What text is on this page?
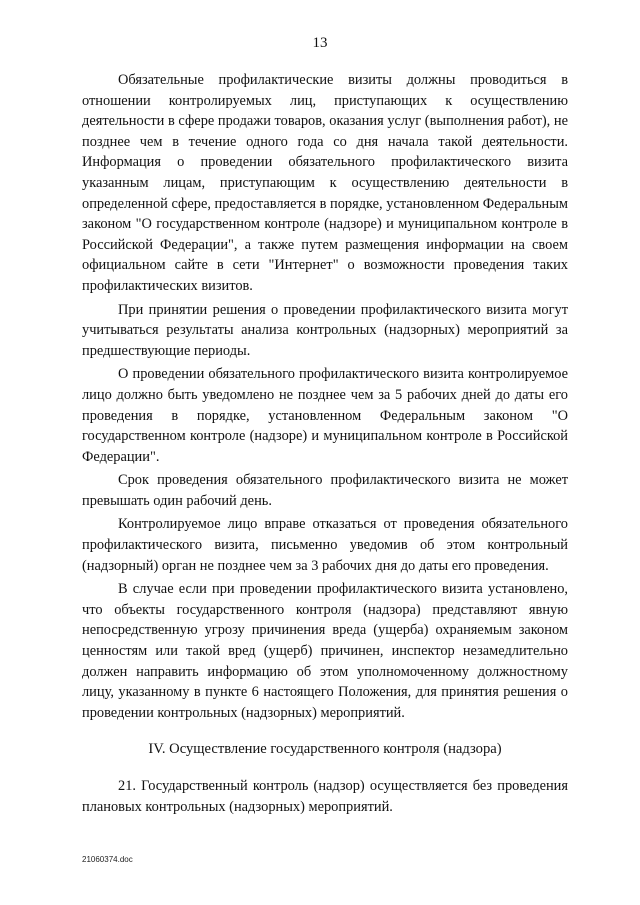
13

Обязательные профилактические визиты должны проводиться в отношении контролируемых лиц, приступающих к осуществлению деятельности в сфере продажи товаров, оказания услуг (выполнения работ), не позднее чем в течение одного года со дня начала такой деятельности. Информация о проведении обязательного профилактического визита указанным лицам, приступающим к осуществлению деятельности в определенной сфере, предоставляется в порядке, установленном Федеральным законом "О государственном контроле (надзоре) и муниципальном контроле в Российской Федерации", а также путем размещения информации на своем официальном сайте в сети "Интернет" о возможности проведения таких профилактических визитов.

При принятии решения о проведении профилактического визита могут учитываться результаты анализа контрольных (надзорных) мероприятий за предшествующие периоды.

О проведении обязательного профилактического визита контролируемое лицо должно быть уведомлено не позднее чем за 5 рабочих дней до даты его проведения в порядке, установленном Федеральным законом "О государственном контроле (надзоре) и муниципальном контроле в Российской Федерации".

Срок проведения обязательного профилактического визита не может превышать один рабочий день.

Контролируемое лицо вправе отказаться от проведения обязательного профилактического визита, письменно уведомив об этом контрольный (надзорный) орган не позднее чем за 3 рабочих дня до даты его проведения.

В случае если при проведении профилактического визита установлено, что объекты государственного контроля (надзора) представляют явную непосредственную угрозу причинения вреда (ущерба) охраняемым законом ценностям или такой вред (ущерб) причинен, инспектор незамедлительно должен направить информацию об этом уполномоченному должностному лицу, указанному в пункте 6 настоящего Положения, для принятия решения о проведении контрольных (надзорных) мероприятий.

IV. Осуществление государственного контроля (надзора)

21. Государственный контроль (надзор) осуществляется без проведения плановых контрольных (надзорных) мероприятий.

21060374.doc
